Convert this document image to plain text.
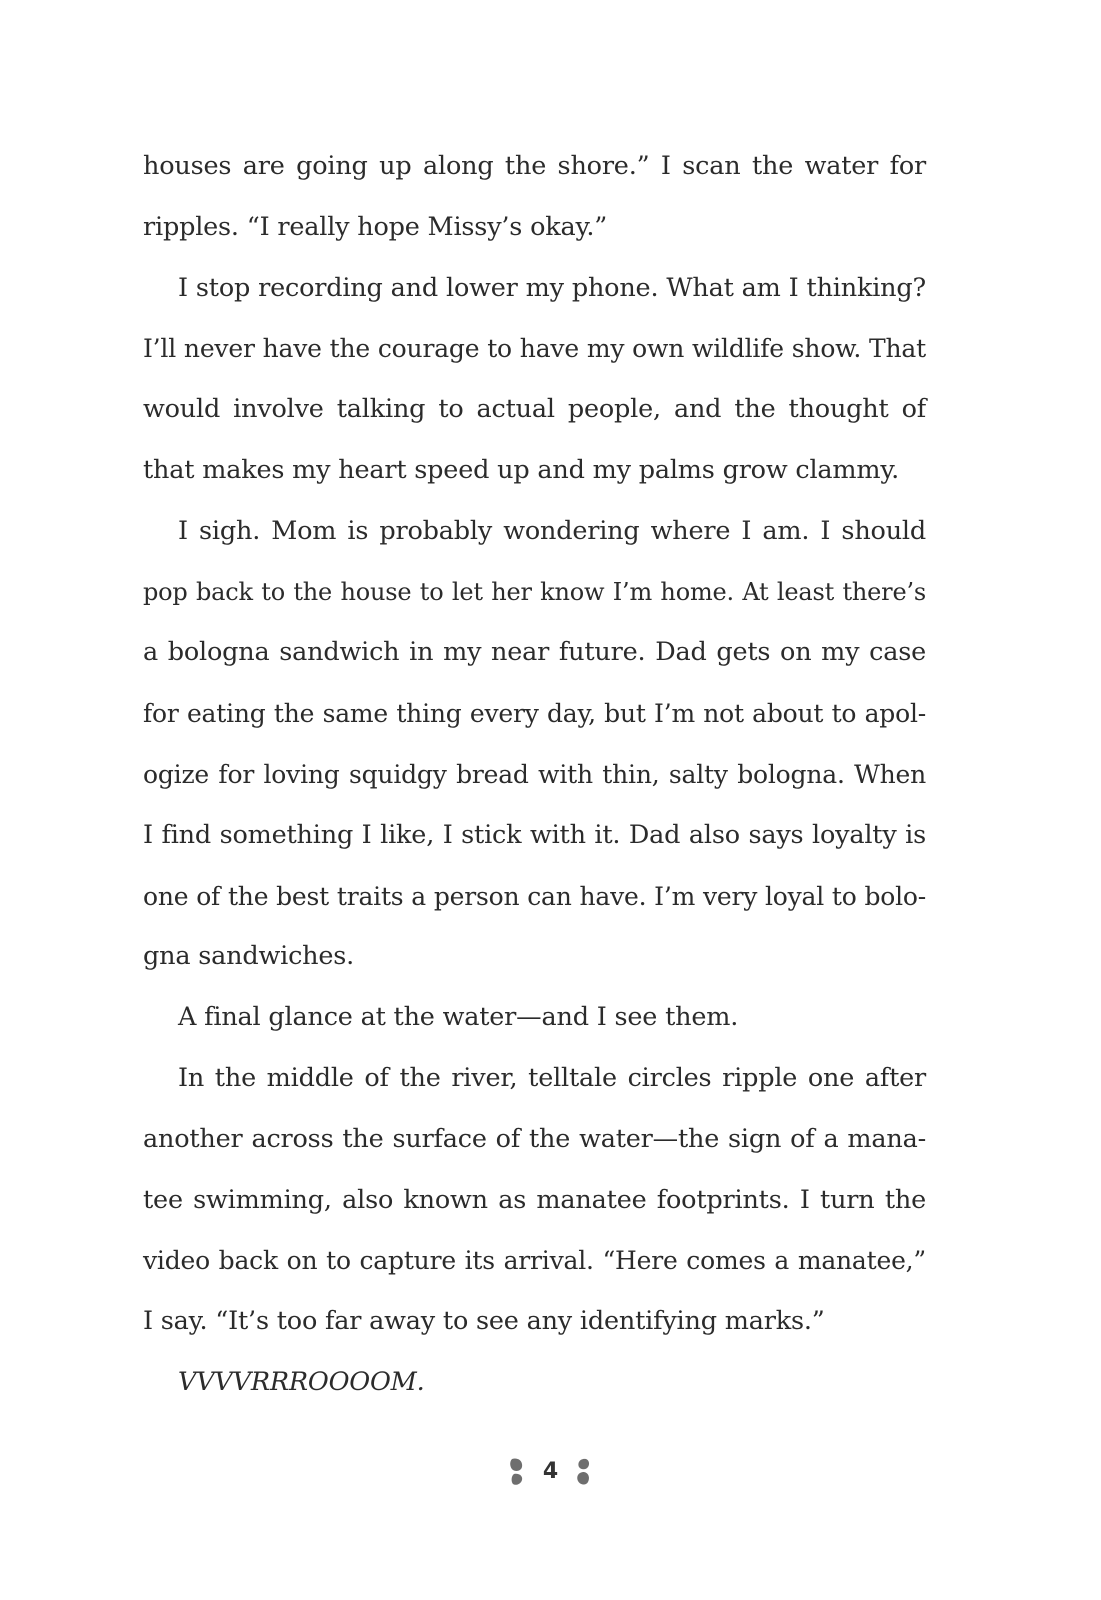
houses are going up along the shore.” I scan the water for
ripples. “I really hope Missy’s okay.”
I stop recording and lower my phone. What am I thinking?
I’ll never have the courage to have my own wildlife show. That
would involve talking to actual people, and the thought of
that makes my heart speed up and my palms grow clammy.
I sigh. Mom is probably wondering where I am. I should
pop back to the house to let her know I’m home. At least there’s
a bologna sandwich in my near future. Dad gets on my case
for eating the same thing every day, but I’m not about to apol-
ogize for loving squidgy bread with thin, salty bologna. When
I find something I like, I stick with it. Dad also says loyalty is
one of the best traits a person can have. I’m very loyal to bolo-
gna sandwiches.
A final glance at the water—and I see them.
In the middle of the river, telltale circles ripple one after
another across the surface of the water—the sign of a mana-
tee swimming, also known as manatee footprints. I turn the
video back on to capture its arrival. “Here comes a manatee,”
I say. “It’s too far away to see any identifying marks.”
VVVVRRROOOOM.
4
